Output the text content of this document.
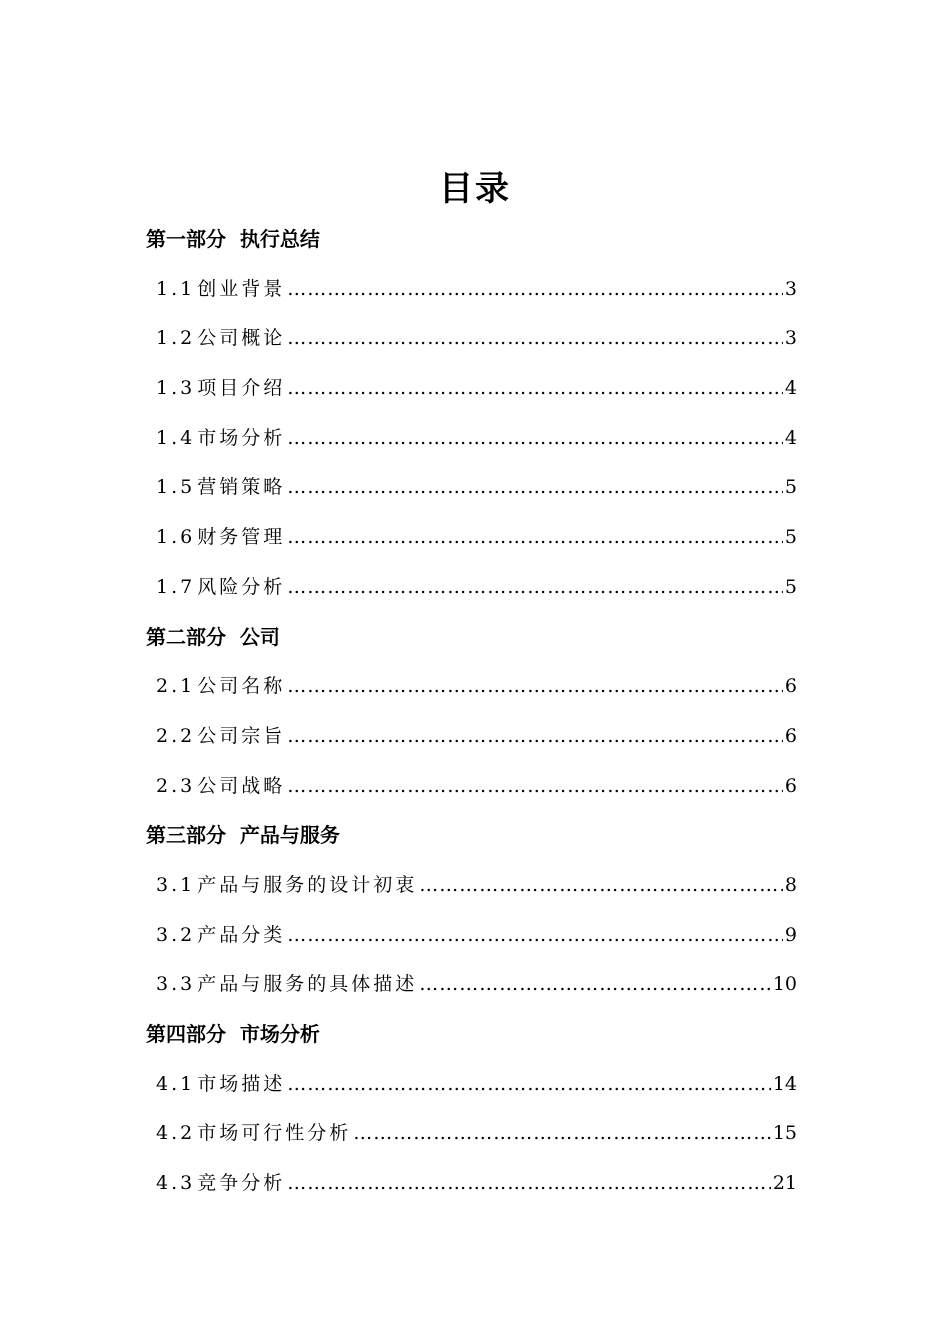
目录
第一部分  执行总结
1.1 创业背景 …………………………………………………………………………………………………………………………………………………………………………………………	3
1.2 公司概论 …………………………………………………………………………………………………………………………………………………………………………………………	3
1.3 项目介绍 …………………………………………………………………………………………………………………………………………………………………………………………	4
1.4 市场分析 …………………………………………………………………………………………………………………………………………………………………………………………	4
1.5 营销策略 …………………………………………………………………………………………………………………………………………………………………………………………	5
1.6 财务管理 …………………………………………………………………………………………………………………………………………………………………………………………	5
1.7 风险分析 …………………………………………………………………………………………………………………………………………………………………………………………	5
第二部分  公司
2.1 公司名称 …………………………………………………………………………………………………………………………………………………………………………………………	6
2.2 公司宗旨 …………………………………………………………………………………………………………………………………………………………………………………………	6
2.3 公司战略 …………………………………………………………………………………………………………………………………………………………………………………………	6
第三部分  产品与服务
3.1 产品与服务的设计初衷 …………………………………………………………………………………………………………………………………………………………………………………………	8
3.2 产品分类 …………………………………………………………………………………………………………………………………………………………………………………………	9
3.3 产品与服务的具体描述 …………………………………………………………………………………………………………………………………………………………………………………………	10
第四部分  市场分析
4.1 市场描述 …………………………………………………………………………………………………………………………………………………………………………………………	14
4.2 市场可行性分析 …………………………………………………………………………………………………………………………………………………………………………………………	15
4.3 竞争分析 …………………………………………………………………………………………………………………………………………………………………………………………	21
